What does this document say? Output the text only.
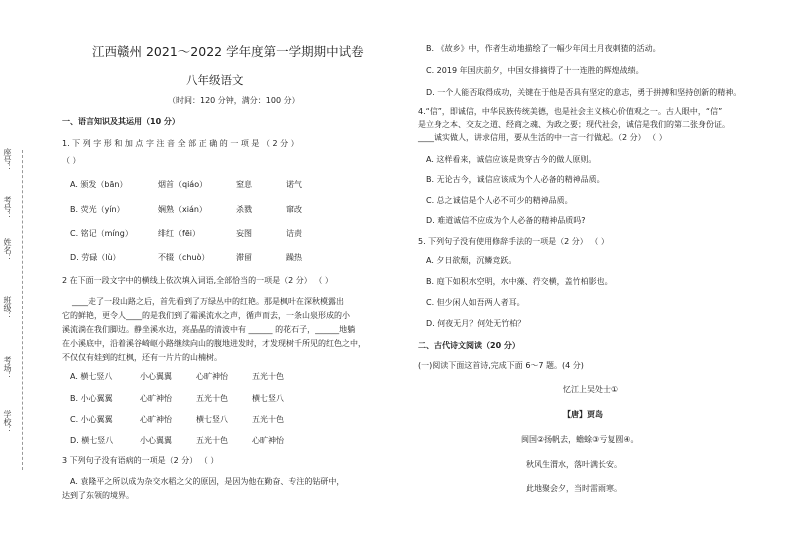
座号：
考号：
姓名：
班级：
考场：
学校：
江西赣州 2021～2022 学年度第一学期期中试卷
八年级语文
（时间：120 分钟，满分：100 分）
一、语言知识及其运用（10 分）
1. 下 列 字 形 和 加 点 字 注 音 全 部 正 确 的 一 项 是 （ 2 分 ）
（ ）
A. 颁发（bān）	烟首（qiáo）	窒息	诺气
B. 荧光（yín）	娴熟（xián）	杀戮	窜改
C. 铭记（míng）	绯红（fēi）	妄图	诘责
D. 劳碌（lù）	不辍（chuò）	滞留	躁热
2 在下面一段文字中的横线上依次填入词语,全部恰当的一项是（2 分） （ ）
____走了一段山路之后，首先看到了万绿丛中的红艳。那是枫叶在深秋模露出
它的鲜艳，更令人____的是我们到了霜溪流水之声，循声而去，一条山泉形成的小
溪流淌在我们脚边。静坐溪水边，亮晶晶的清波中有 ______ 的花石子，______地躺
在小溪底中，沿着溪谷崎岖小路继续向山的腹地进发时，才发现树千所见的红色之中，
不仅仅有娃到的红枫，还有一片片的山楠树。
A. 横七竖八	小心翼翼	心旷神怡	五光十色
B. 小心翼翼	心旷神怡	五光十色	横七竖八
C. 小心翼翼	心旷神怡	横七竖八	五光十色
D. 横七竖八	小心翼翼	五光十色	心旷神怡
3 下列句子没有语病的一项是（2 分） （ ）
A. 袁隆平之所以成为杂交水稻之父的原因，是因为他在勤奋、专注的钻研中，
达到了东领的境界。
B. 《故乡》中，作者生动地描绘了一幅少年闰土月夜刺猹的活动。
C. 2019 年国庆前夕，中国女排摘得了十一连胜的辉煌战绩。
D. 一个人能否取得成功，关键在于他是否具有坚定的意志，勇于拼搏和坚持创新的精神。
4.“信”，即诚信，中华民族传统美德，也是社会主义核心价值观之一。古人眼中，“信”
是立身之本、交友之道、经商之魂、为政之要；现代社会，诚信是我们的第二张身份证。
____诚实做人，讲求信用，要从生活的中一言一行做起。（2 分） （ ）
A. 这样看来，诚信应该是贵穿古今的做人原则。
B. 无论古今，诚信应该成为个人必备的精神品质。
C. 总之诚信是个人必不可少的精神品质。
D. 难道诚信不应成为个人必备的精神品质吗?
5. 下列句子没有使用修辞手法的一项是（2 分） （ ）
A. 夕日欲颓，沉鳞竞跃。
B. 庭下如积水空明，水中藻、荇交横，盖竹柏影也。
C. 但少闲人如吾两人者耳。
D. 何夜无月？何处无竹柏？
二、古代诗文阅读（20 分）
(一)阅读下面这首诗,完成下面 6～7 题。(4 分)
忆江上吴处士①
【唐】贾岛
闽国②扬帆去，蟾蜍③亏复圆④。
秋风生渭水，落叶满长安。
此地聚会夕，当时雷雨寒。
